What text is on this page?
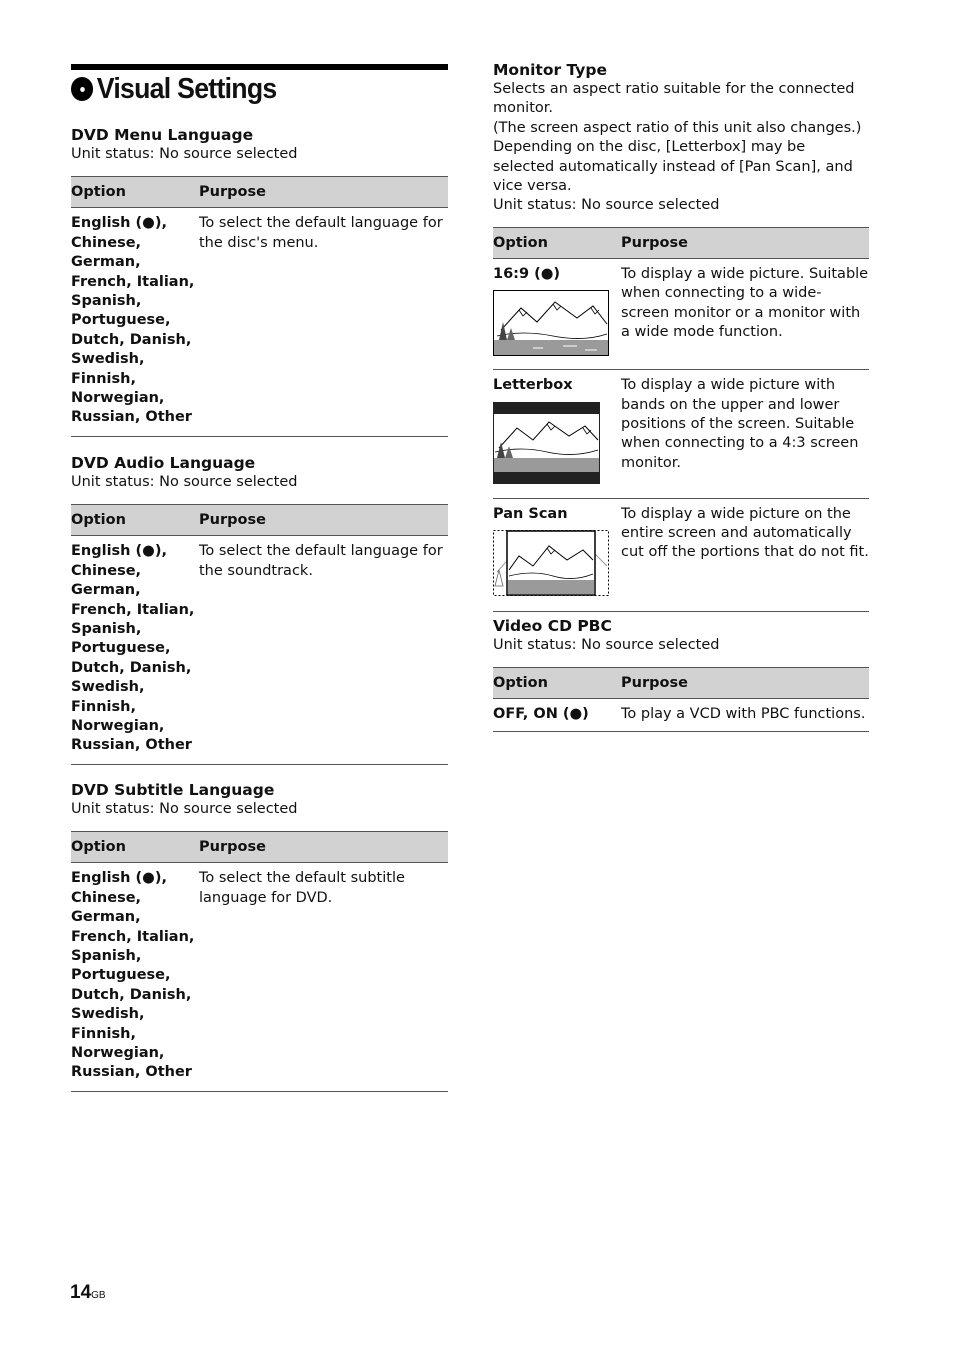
Visual Settings

DVD Menu Language

Unit status: No source selected

Option	Purpose
English (●), Chinese, German, French, Italian, Spanish, Portuguese, Dutch, Danish, Swedish, Finnish, Norwegian, Russian, Other	To select the default language for the disc's menu.

DVD Audio Language

Unit status: No source selected

Option	Purpose
English (●), Chinese, German, French, Italian, Spanish, Portuguese, Dutch, Danish, Swedish, Finnish, Norwegian, Russian, Other	To select the default language for the soundtrack.

DVD Subtitle Language

Unit status: No source selected

Option	Purpose
English (●), Chinese, German, French, Italian, Spanish, Portuguese, Dutch, Danish, Swedish, Finnish, Norwegian, Russian, Other	To select the default subtitle language for DVD.

Monitor Type

Selects an aspect ratio suitable for the connected monitor.

(The screen aspect ratio of this unit also changes.)

Depending on the disc, [Letterbox] may be selected automatically instead of [Pan Scan], and vice versa.

Unit status: No source selected

Option	Purpose

16:9 (●)	To display a wide picture. Suitable when connecting to a wide-screen monitor or a monitor with a wide mode function.

Letterbox	To display a wide picture with bands on the upper and lower positions of the screen. Suitable when connecting to a 4:3 screen monitor.

Pan Scan	To display a wide picture on the entire screen and automatically cut off the portions that do not fit.

Video CD PBC

Unit status: No source selected

Option	Purpose
OFF, ON (●)	To play a VCD with PBC functions.
14GB
